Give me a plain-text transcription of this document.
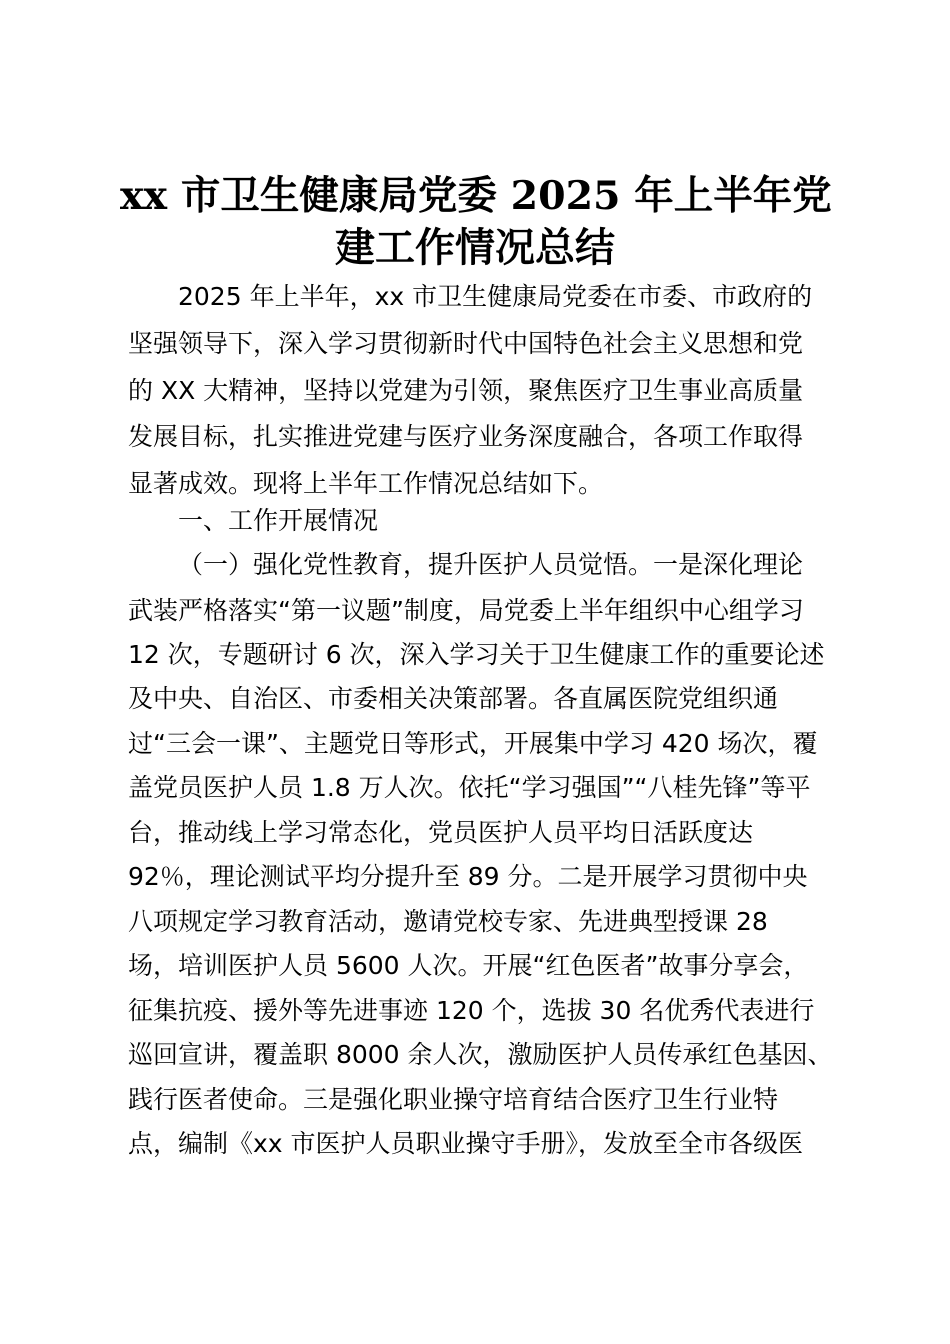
xx 市卫生健康局党委 2025 年上半年党
建工作情况总结
2025 年上半年，xx 市卫生健康局党委在市委、市政府的
坚强领导下，深入学习贯彻新时代中国特色社会主义思想和党
的 XX 大精神，坚持以党建为引领，聚焦医疗卫生事业高质量
发展目标，扎实推进党建与医疗业务深度融合，各项工作取得
显著成效。现将上半年工作情况总结如下。
一、工作开展情况
（一）强化党性教育，提升医护人员觉悟。一是深化理论
武装严格落实“第一议题”制度，局党委上半年组织中心组学习
12 次，专题研讨 6 次，深入学习关于卫生健康工作的重要论述
及中央、自治区、市委相关决策部署。各直属医院党组织通
过“三会一课”、主题党日等形式，开展集中学习 420 场次，覆
盖党员医护人员 1.8 万人次。依托“学习强国”“八桂先锋”等平
台，推动线上学习常态化，党员医护人员平均日活跃度达
92％，理论测试平均分提升至 89 分。二是开展学习贯彻中央
八项规定学习教育活动，邀请党校专家、先进典型授课 28
场，培训医护人员 5600 人次。开展“红色医者”故事分享会，
征集抗疫、援外等先进事迹 120 个，选拔 30 名优秀代表进行
巡回宣讲，覆盖职 8000 余人次，激励医护人员传承红色基因、
践行医者使命。三是强化职业操守培育结合医疗卫生行业特
点，编制《xx 市医护人员职业操守手册》，发放至全市各级医
